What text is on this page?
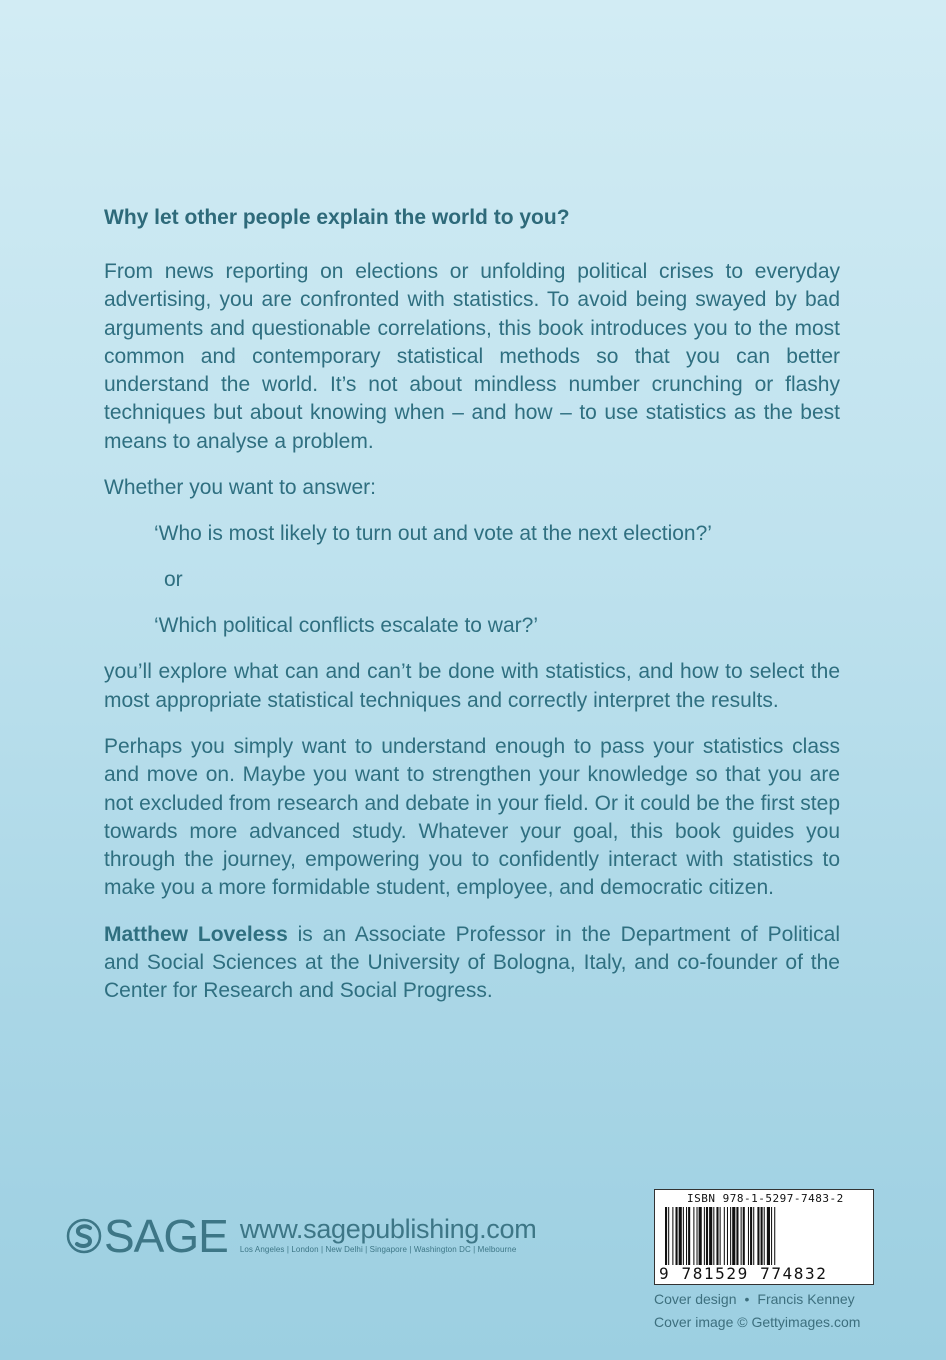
Why let other people explain the world to you?

From news reporting on elections or unfolding political crises to everyday advertising, you are confronted with statistics. To avoid being swayed by bad arguments and questionable correlations, this book introduces you to the most common and contemporary statistical methods so that you can better understand the world. It’s not about mindless number crunching or flashy techniques but about knowing when – and how – to use statistics as the best means to analyse a problem.

Whether you want to answer:

‘Who is most likely to turn out and vote at the next election?’

or

‘Which political conflicts escalate to war?’

you’ll explore what can and can’t be done with statistics, and how to select the most appropriate statistical techniques and correctly interpret the results.

Perhaps you simply want to understand enough to pass your statistics class and move on. Maybe you want to strengthen your knowledge so that you are not excluded from research and debate in your field. Or it could be the first step towards more advanced study. Whatever your goal, this book guides you through the journey, empowering you to confidently interact with statistics to make you a more formidable student, employee, and democratic citizen.

Matthew Loveless is an Associate Professor in the Department of Political and Social Sciences at the University of Bologna, Italy, and co-founder of the Center for Research and Social Progress.

SAGE www.sagepublishing.com
Los Angeles | London | New Delhi | Singapore | Washington DC | Melbourne
ISBN 978-1-5297-7483-2
9 781529 774832
Cover design • Francis Kenney
Cover image © Gettyimages.com
